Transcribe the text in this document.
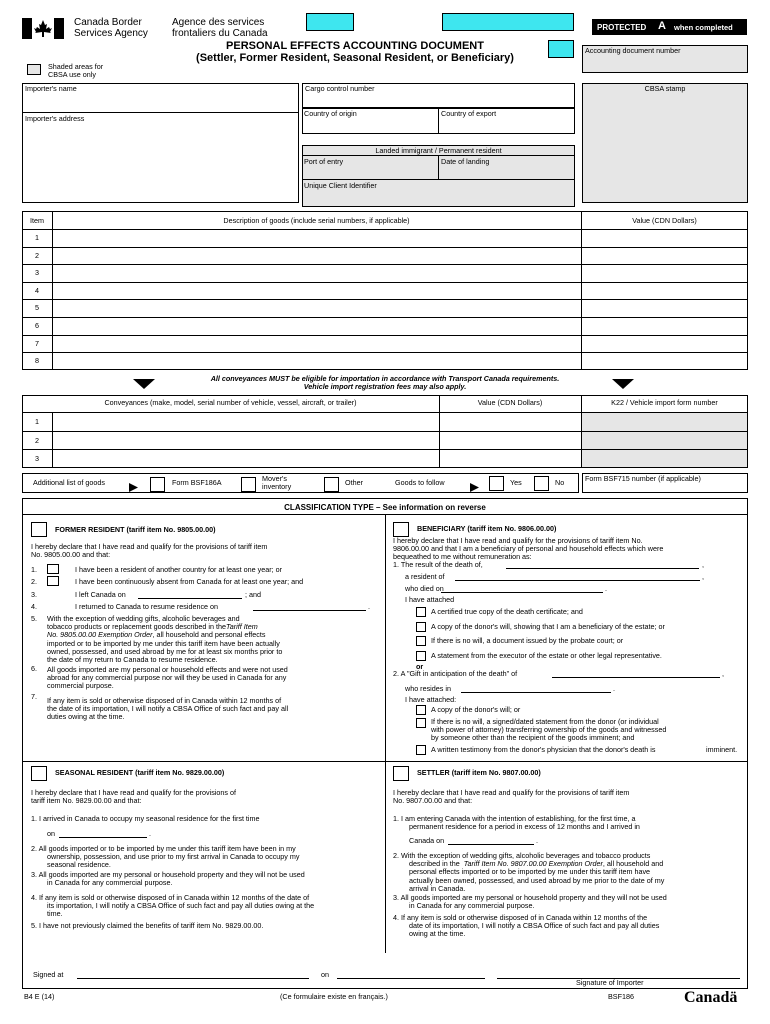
Canada Border
Services Agency
Agence des services
frontaliers du Canada
PROTECTED A when completed
PERSONAL EFFECTS ACCOUNTING DOCUMENT
(Settler, Former Resident, Seasonal Resident, or Beneficiary)
Accounting document number
Shaded areas for
CBSA use only
Importer's name
Importer's address
Cargo control number	CBSA stamp
Country of origin	Country of export
Landed immigrant / Permanent resident
Port of entry	Date of landing
Unique Client Identifier
Item	Description of goods (include serial numbers, if applicable)	Value (CDN Dollars)
1
2
3
4
5
6
7
8
All conveyances MUST be eligible for importation in accordance with Transport Canada requirements.
Vehicle import registration fees may also apply.
Conveyances (make, model, serial number of vehicle, vessel, aircraft, or trailer)	Value (CDN Dollars)	K22 / Vehicle import form number
1
2
3
Additional list of goods	Form BSF186A	Mover's
inventory	Other	Goods to follow	Yes	No	Form BSF715 number (if applicable)
CLASSIFICATION TYPE – See information on reverse
FORMER RESIDENT (tariff item No. 9805.00.00)
I hereby declare that I have read and qualify for the provisions of tariff item
No. 9805.00.00 and that:
1.	I have been a resident of another country for at least one year; or
2.	I have been continuously absent from Canada for at least one year; and
3.	I left Canada on	; and
4.	I returned to Canada to resume residence on	.
5. With the exception of wedding gifts, alcoholic beverages and
tobacco products or replacement goods described in theTariff Item
No. 9805.00.00 Exemption Order, all household and personal effects
imported or to be imported by me under this tariff item have been actually
owned, possessed, and used abroad by me for at least six months prior to
the date of my return to Canada to resume residence.
6. All goods imported are my personal or household effects and were not used
abroad for any commercial purpose nor will they be used in Canada for any
commercial purpose.
7. If any item is sold or otherwise disposed of in Canada within 12 months of
the date of its importation, I will notify a CBSA Office of such fact and pay all
duties owing at the time.
BENEFICIARY (tariff item No. 9806.00.00)
I hereby declare that I have read and qualify for the provisions of tariff item No.
9806.00.00 and that I am a beneficiary of personal and household effects which were
bequeathed to me without remuneration as:
1. The result of the death of,	,
a resident of	,
who died on	.
I have attached
A certified true copy of the death certificate; and
A copy of the donor's will, showing that I am a beneficiary of the estate; or
If there is no will, a document issued by the probate court; or
A statement from the executor of the estate or other legal representative.
or
2. A "Gift in anticipation of the death" of	,
who resides in	.
I have attached:
A copy of the donor's will; or
If there is no will, a signed/dated statement from the donor (or individual
with power of attorney) transferring ownership of the goods and witnessed
by someone other than the recipient of the goods imminent; and
A written testimony from the donor's physician that the donor's death is	imminent.
SEASONAL RESIDENT (tariff item No. 9829.00.00)
I hereby declare that I have read and qualify for the provisions of
tariff item No. 9829.00.00 and that:
1. I arrived in Canada to occupy my seasonal residence for the first time
on	.
2. All goods imported or to be imported by me under this tariff item have been in my
ownership, possession, and use prior to my first arrival in Canada to occupy my
seasonal residence.
3. All goods imported are my personal or household property and they will not be used
in Canada for any commercial purpose.
4. If any item is sold or otherwise disposed of in Canada within 12 months of the date of
its importation, I will notify a CBSA Office of such fact and pay all duties owing at the
time.
5. I have not previously claimed the benefits of tariff item No. 9829.00.00.
SETTLER (tariff item No. 9807.00.00)
I hereby declare that I have read and qualify for the provisions of tariff item
No. 9807.00.00 and that:
1. I am entering Canada with the intention of establishing, for the first time, a
permanent residence for a period in excess of 12 months and I arrived in
Canada on	.
2. With the exception of wedding gifts, alcoholic beverages and tobacco products
described in the Tariff Item No. 9807.00.00 Exemption Order, all household and
personal effects imported or to be imported by me under this tariff item have
actually been owned, possessed, and used abroad by me prior to the date of my
arrival in Canada.
3. All goods imported are my personal or household property and they will not be used
in Canada for any commercial purpose.
4. If any item is sold or otherwise disposed of in Canada within 12 months of the
date of its importation, I will notify a CBSA Office of such fact and pay all duties
owing at the time.
Signed at	on
Signature of Importer
B4 E (14)	(Ce formulaire existe en français.)	BSF186	Canadä
